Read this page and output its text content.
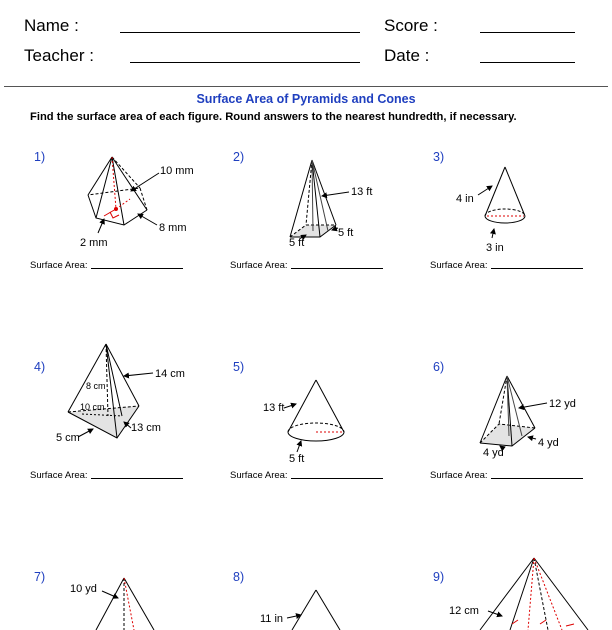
Name :	Score :
Teacher :	Date :
Surface Area of Pyramids and Cones
Find the surface area of each figure. Round answers to the nearest hundredth, if necessary.
1)	2)	3)
4)	5)	6)
7)	8)	9)
Surface Area:	Surface Area:	Surface Area:
Surface Area:	Surface Area:	Surface Area:
10 mm
8 mm
2 mm
13 ft
5 ft
5 ft
4 in
3 in
14 cm
8 cm
10 cm
5 cm
13 cm
13 ft
5 ft
12 yd
4 yd
4 yd
10 yd
11 in
12 cm
